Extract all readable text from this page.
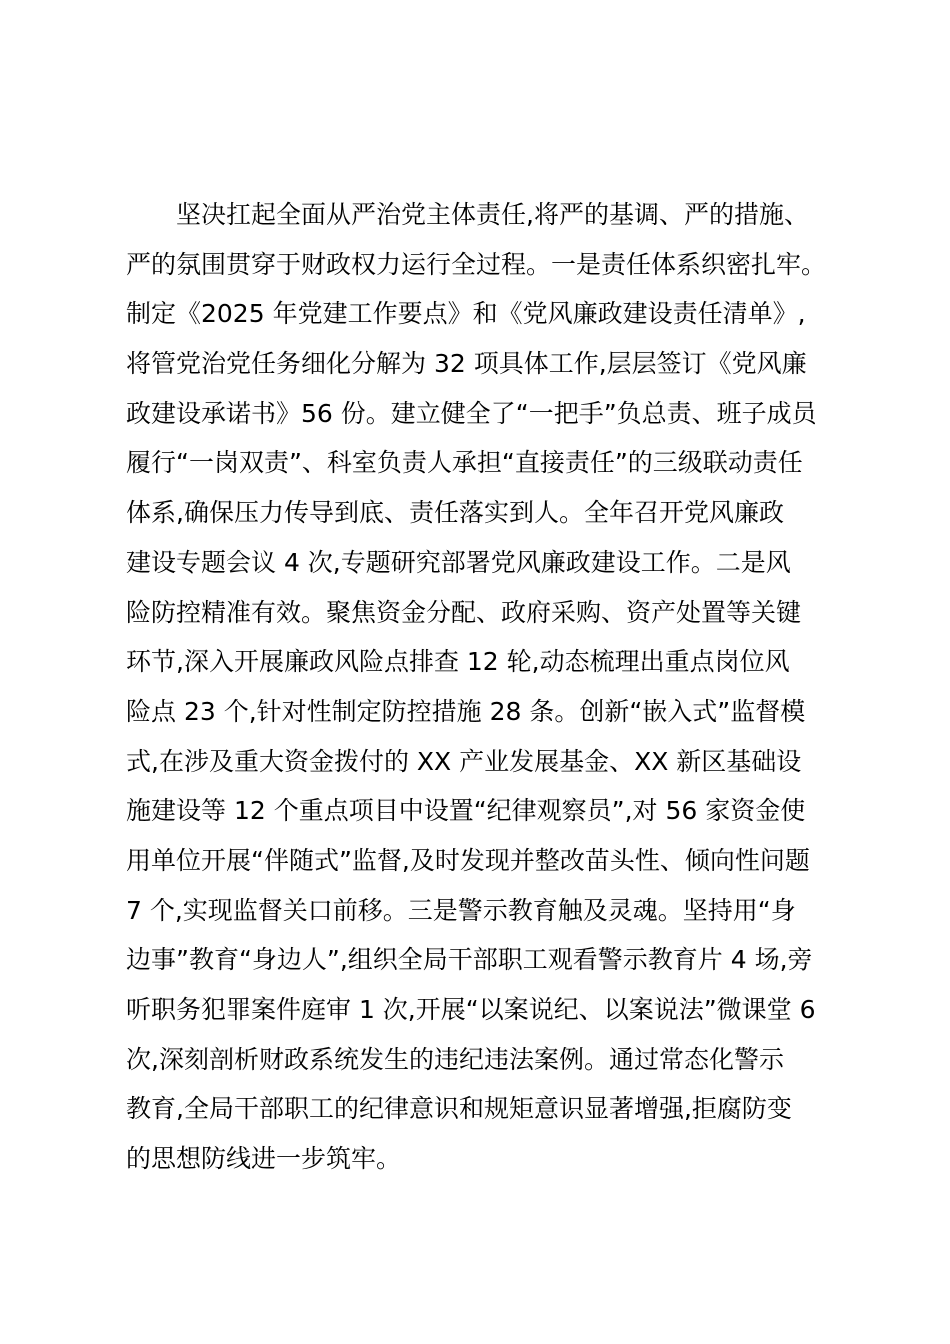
坚决扛起全面从严治党主体责任,将严的基调、严的措施、
严的氛围贯穿于财政权力运行全过程。一是责任体系织密扎牢。
制定《2025 年党建工作要点》和《党风廉政建设责任清单》,
将管党治党任务细化分解为 32 项具体工作,层层签订《党风廉
政建设承诺书》56 份。建立健全了“一把手”负总责、班子成员
履行“一岗双责”、科室负责人承担“直接责任”的三级联动责任
体系,确保压力传导到底、责任落实到人。全年召开党风廉政
建设专题会议 4 次,专题研究部署党风廉政建设工作。二是风
险防控精准有效。聚焦资金分配、政府采购、资产处置等关键
环节,深入开展廉政风险点排查 12 轮,动态梳理出重点岗位风
险点 23 个,针对性制定防控措施 28 条。创新“嵌入式”监督模
式,在涉及重大资金拨付的 XX 产业发展基金、XX 新区基础设
施建设等 12 个重点项目中设置“纪律观察员”,对 56 家资金使
用单位开展“伴随式”监督,及时发现并整改苗头性、倾向性问题
7 个,实现监督关口前移。三是警示教育触及灵魂。坚持用“身
边事”教育“身边人”,组织全局干部职工观看警示教育片 4 场,旁
听职务犯罪案件庭审 1 次,开展“以案说纪、以案说法”微课堂 6
次,深刻剖析财政系统发生的违纪违法案例。通过常态化警示
教育,全局干部职工的纪律意识和规矩意识显著增强,拒腐防变
的思想防线进一步筑牢。
